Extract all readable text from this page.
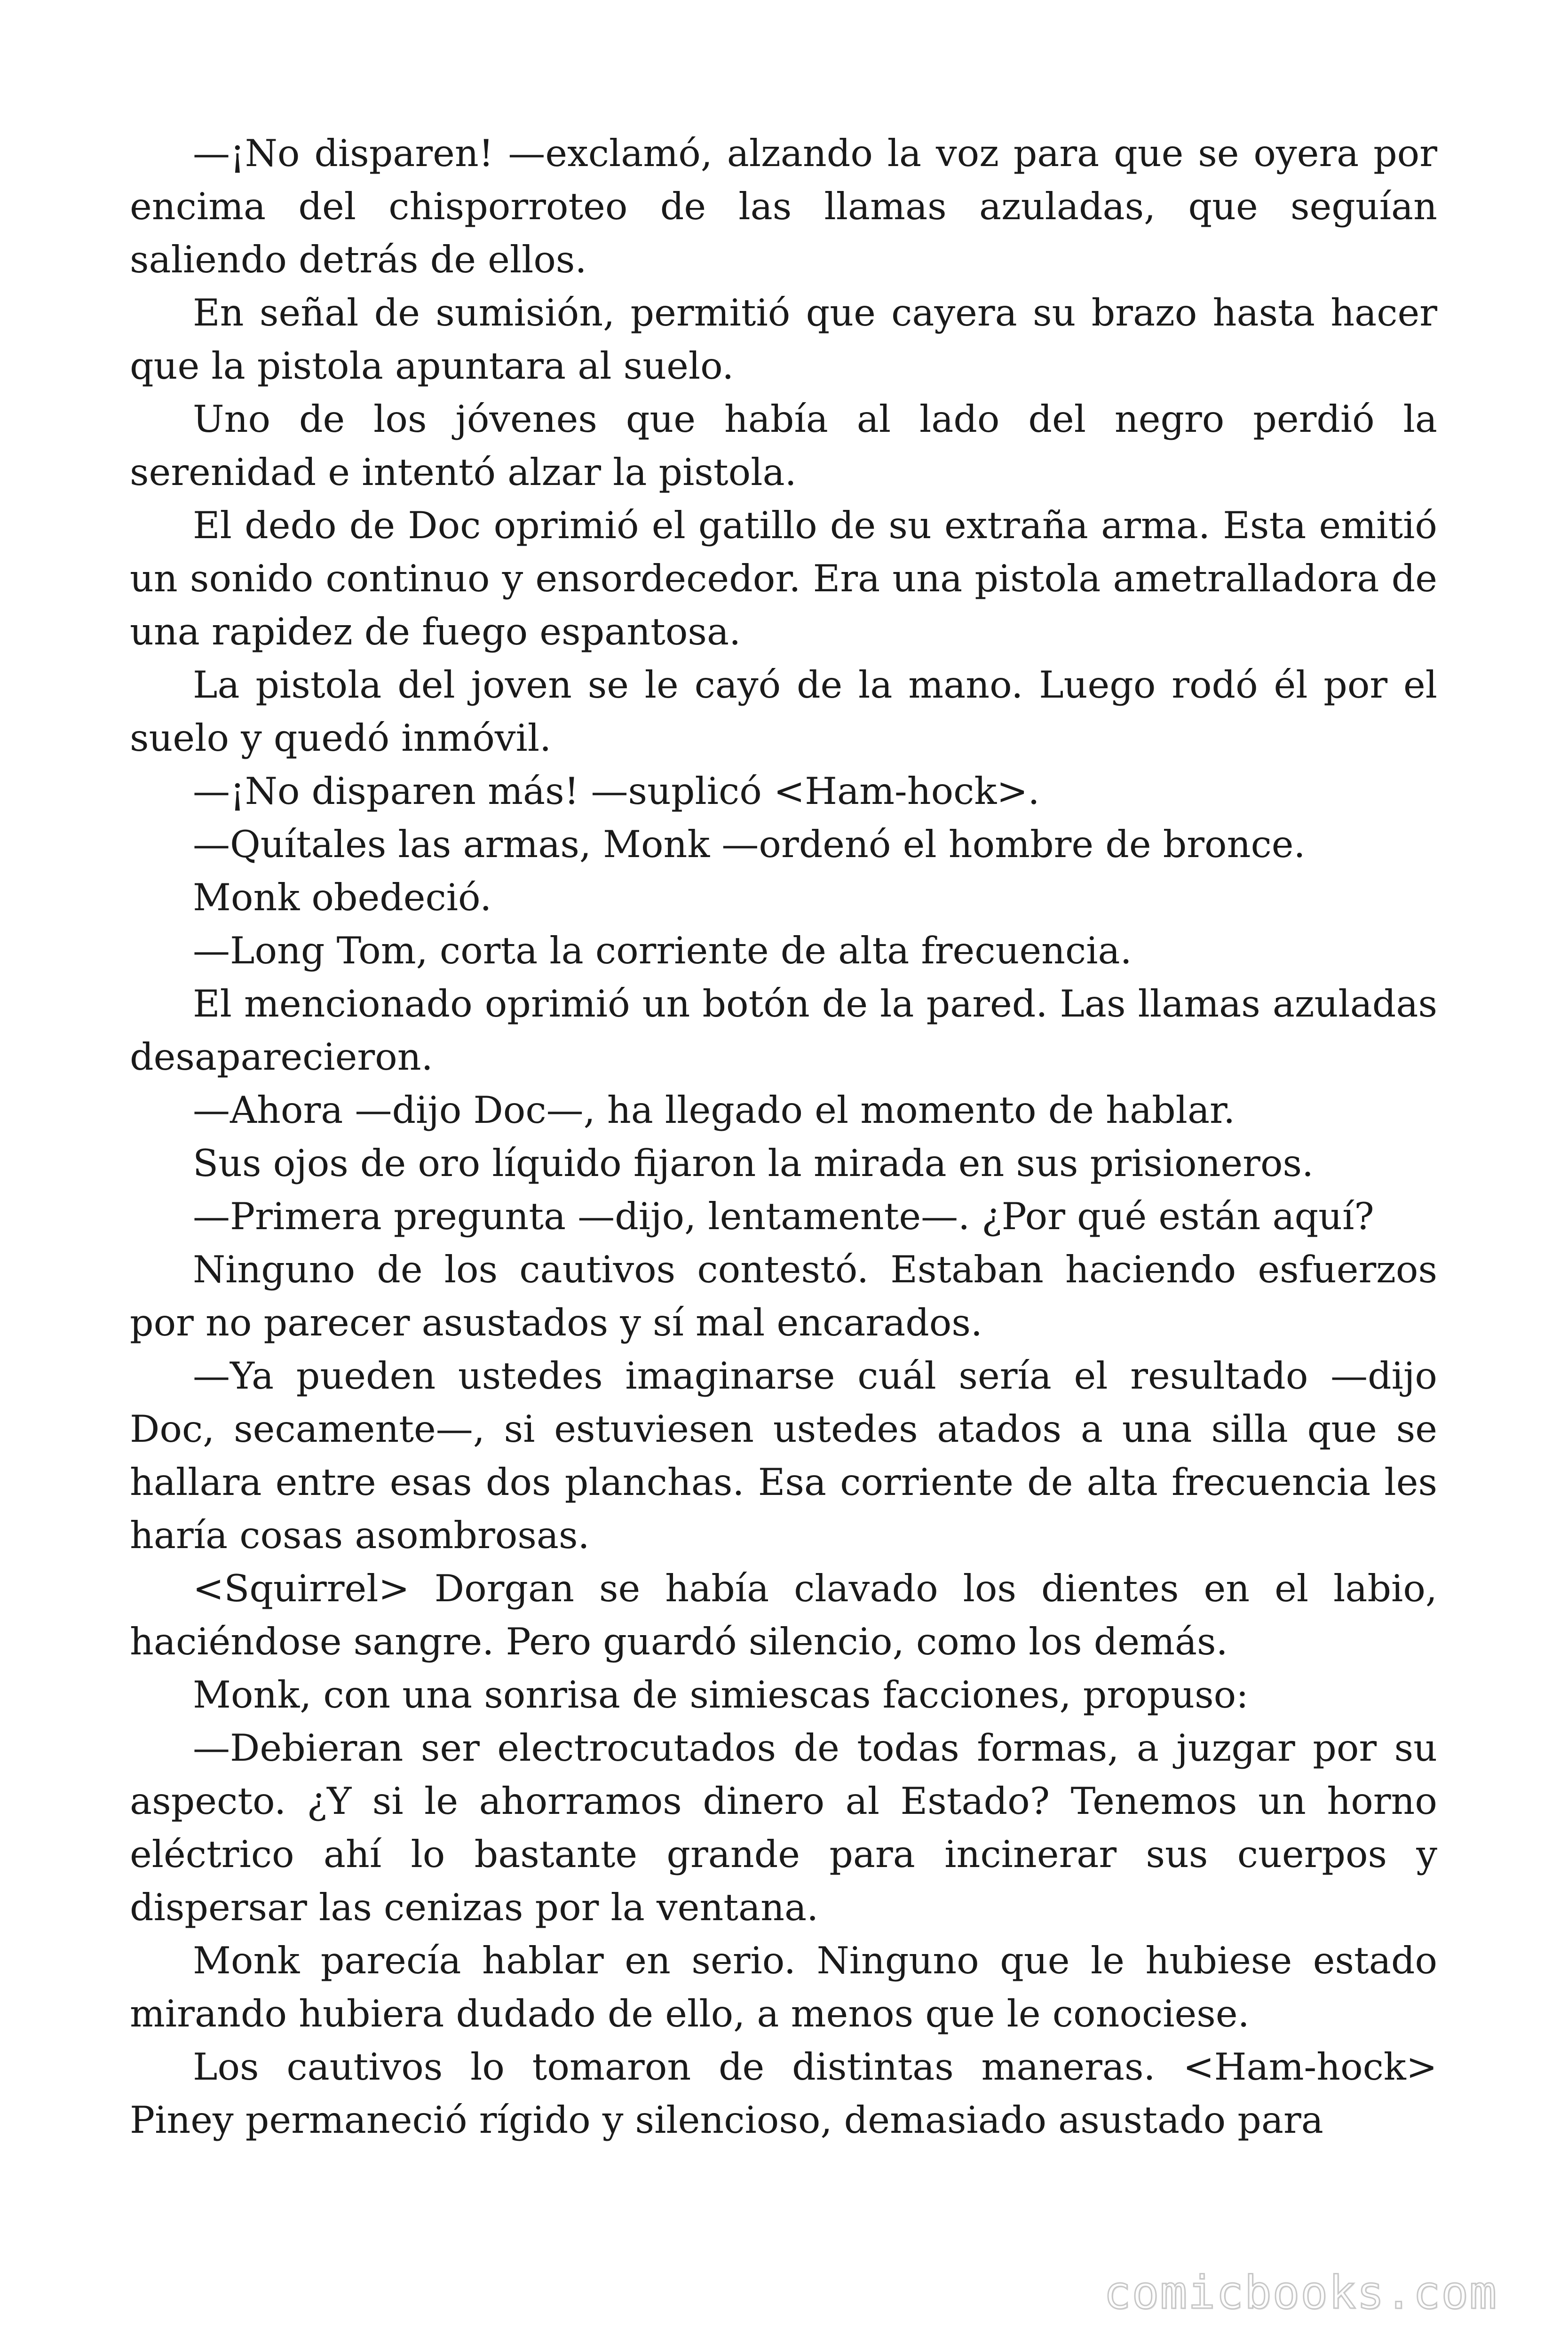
—¡No disparen! —exclamó, alzando la voz para que se oyera por encima del chisporroteo de las llamas azuladas, que seguían saliendo detrás de ellos.

En señal de sumisión, permitió que cayera su brazo hasta hacer que la pistola apuntara al suelo.

Uno de los jóvenes que había al lado del negro perdió la serenidad e intentó alzar la pistola.

El dedo de Doc oprimió el gatillo de su extraña arma. Esta emitió un sonido continuo y ensordecedor. Era una pistola ametralladora de una rapidez de fuego espantosa.

La pistola del joven se le cayó de la mano. Luego rodó él por el suelo y quedó inmóvil.

—¡No disparen más! —suplicó <Ham-hock>.

—Quítales las armas, Monk —ordenó el hombre de bronce.

Monk obedeció.

—Long Tom, corta la corriente de alta frecuencia.

El mencionado oprimió un botón de la pared. Las llamas azuladas desaparecieron.

—Ahora —dijo Doc—, ha llegado el momento de hablar.

Sus ojos de oro líquido fijaron la mirada en sus prisioneros.

—Primera pregunta —dijo, lentamente—. ¿Por qué están aquí?

Ninguno de los cautivos contestó. Estaban haciendo esfuerzos por no parecer asustados y sí mal encarados.

—Ya pueden ustedes imaginarse cuál sería el resultado —dijo Doc, secamente—, si estuviesen ustedes atados a una silla que se hallara entre esas dos planchas. Esa corriente de alta frecuencia les haría cosas asombrosas.

<Squirrel> Dorgan se había clavado los dientes en el labio, haciéndose sangre. Pero guardó silencio, como los demás.

Monk, con una sonrisa de simiescas facciones, propuso:

—Debieran ser electrocutados de todas formas, a juzgar por su aspecto. ¿Y si le ahorramos dinero al Estado? Tenemos un horno eléctrico ahí lo bastante grande para incinerar sus cuerpos y dispersar las cenizas por la ventana.

Monk parecía hablar en serio. Ninguno que le hubiese estado mirando hubiera dudado de ello, a menos que le conociese.

Los cautivos lo tomaron de distintas maneras. <Ham-hock> Piney permaneció rígido y silencioso, demasiado asustado para

comicbooks.com
